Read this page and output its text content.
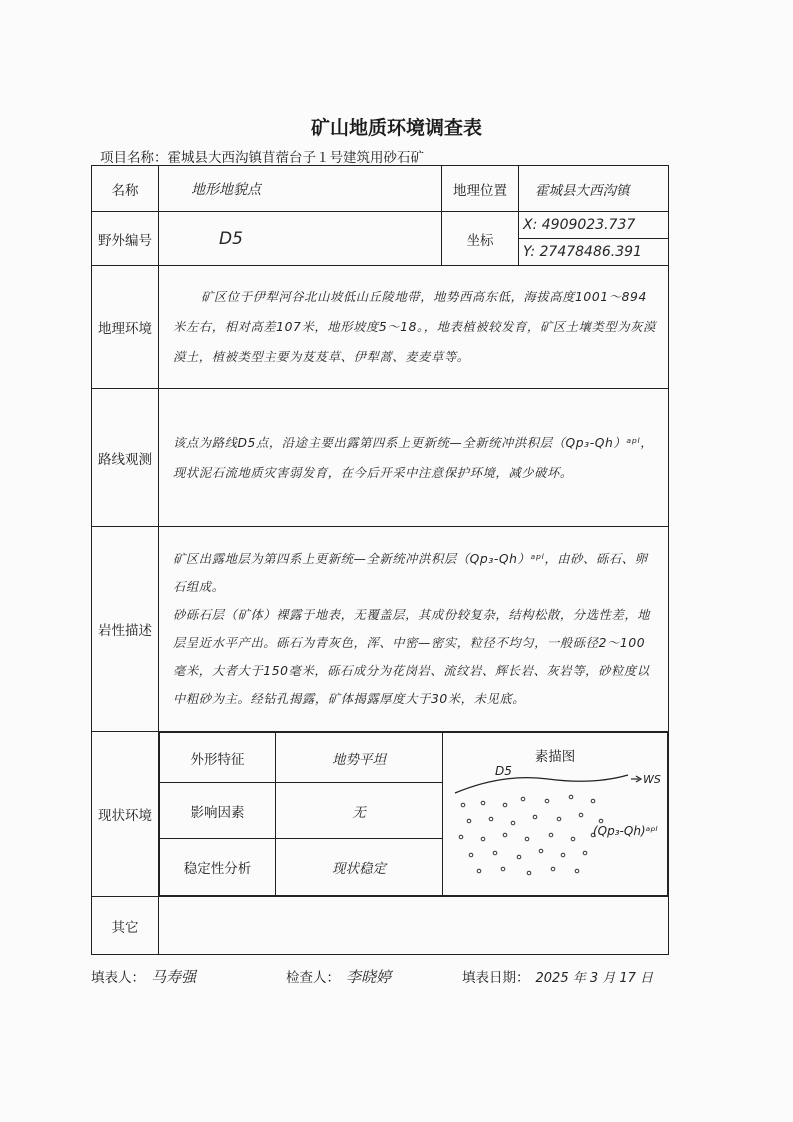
矿山地质环境调查表
项目名称：霍城县大西沟镇苜蓿台子１号建筑用砂石矿
名称	地形地貌点	地理位置	霍城县大西沟镇
野外编号	D5	坐标	
X: 4909023.737
Y: 27478486.391

地理环境	

矿区位于伊犁河谷北山坡低山丘陵地带，地势西高东低，海拔高度1001～894米左右，相对高差107米，地形坡度5～18。，地表植被较发育，矿区土壤类型为灰漠漠土，植被类型主要为芨芨草、伊犁蒿、麦麦草等。

路线观测	

该点为路线D5点，沿途主要出露第四系上更新统—全新统冲洪积层（Qp₃-Qh）ᵃᵖˡ，现状泥石流地质灾害弱发育，在今后开采中注意保护环境，减少破坏。

岩性描述	

矿区出露地层为第四系上更新统—全新统冲洪积层（Qp₃-Qh）ᵃᵖˡ，由砂、砾石、卵石组成。

砂砾石层（矿体）裸露于地表，无覆盖层，其成份较复杂，结构松散，分选性差，地层呈近水平产出。砾石为青灰色，浑、中密—密实，粒径不均匀，一般砾径2～100毫米，大者大于150毫米，砾石成分为花岗岩、流纹岩、辉长岩、灰岩等，砂粒度以中粗砂为主。经钻孔揭露，矿体揭露厚度大于30米，未见底。

现状环境	
外形特征	地势平坦	素描图
D5
WS
(Qp₃-Qh)ᵃᵖˡ

影响因素	无
稳定性分析	现状稳定

其它	
填表人： 马寿强	检查人： 李晓婷	填表日期： 2025 年 3 月 17 日
